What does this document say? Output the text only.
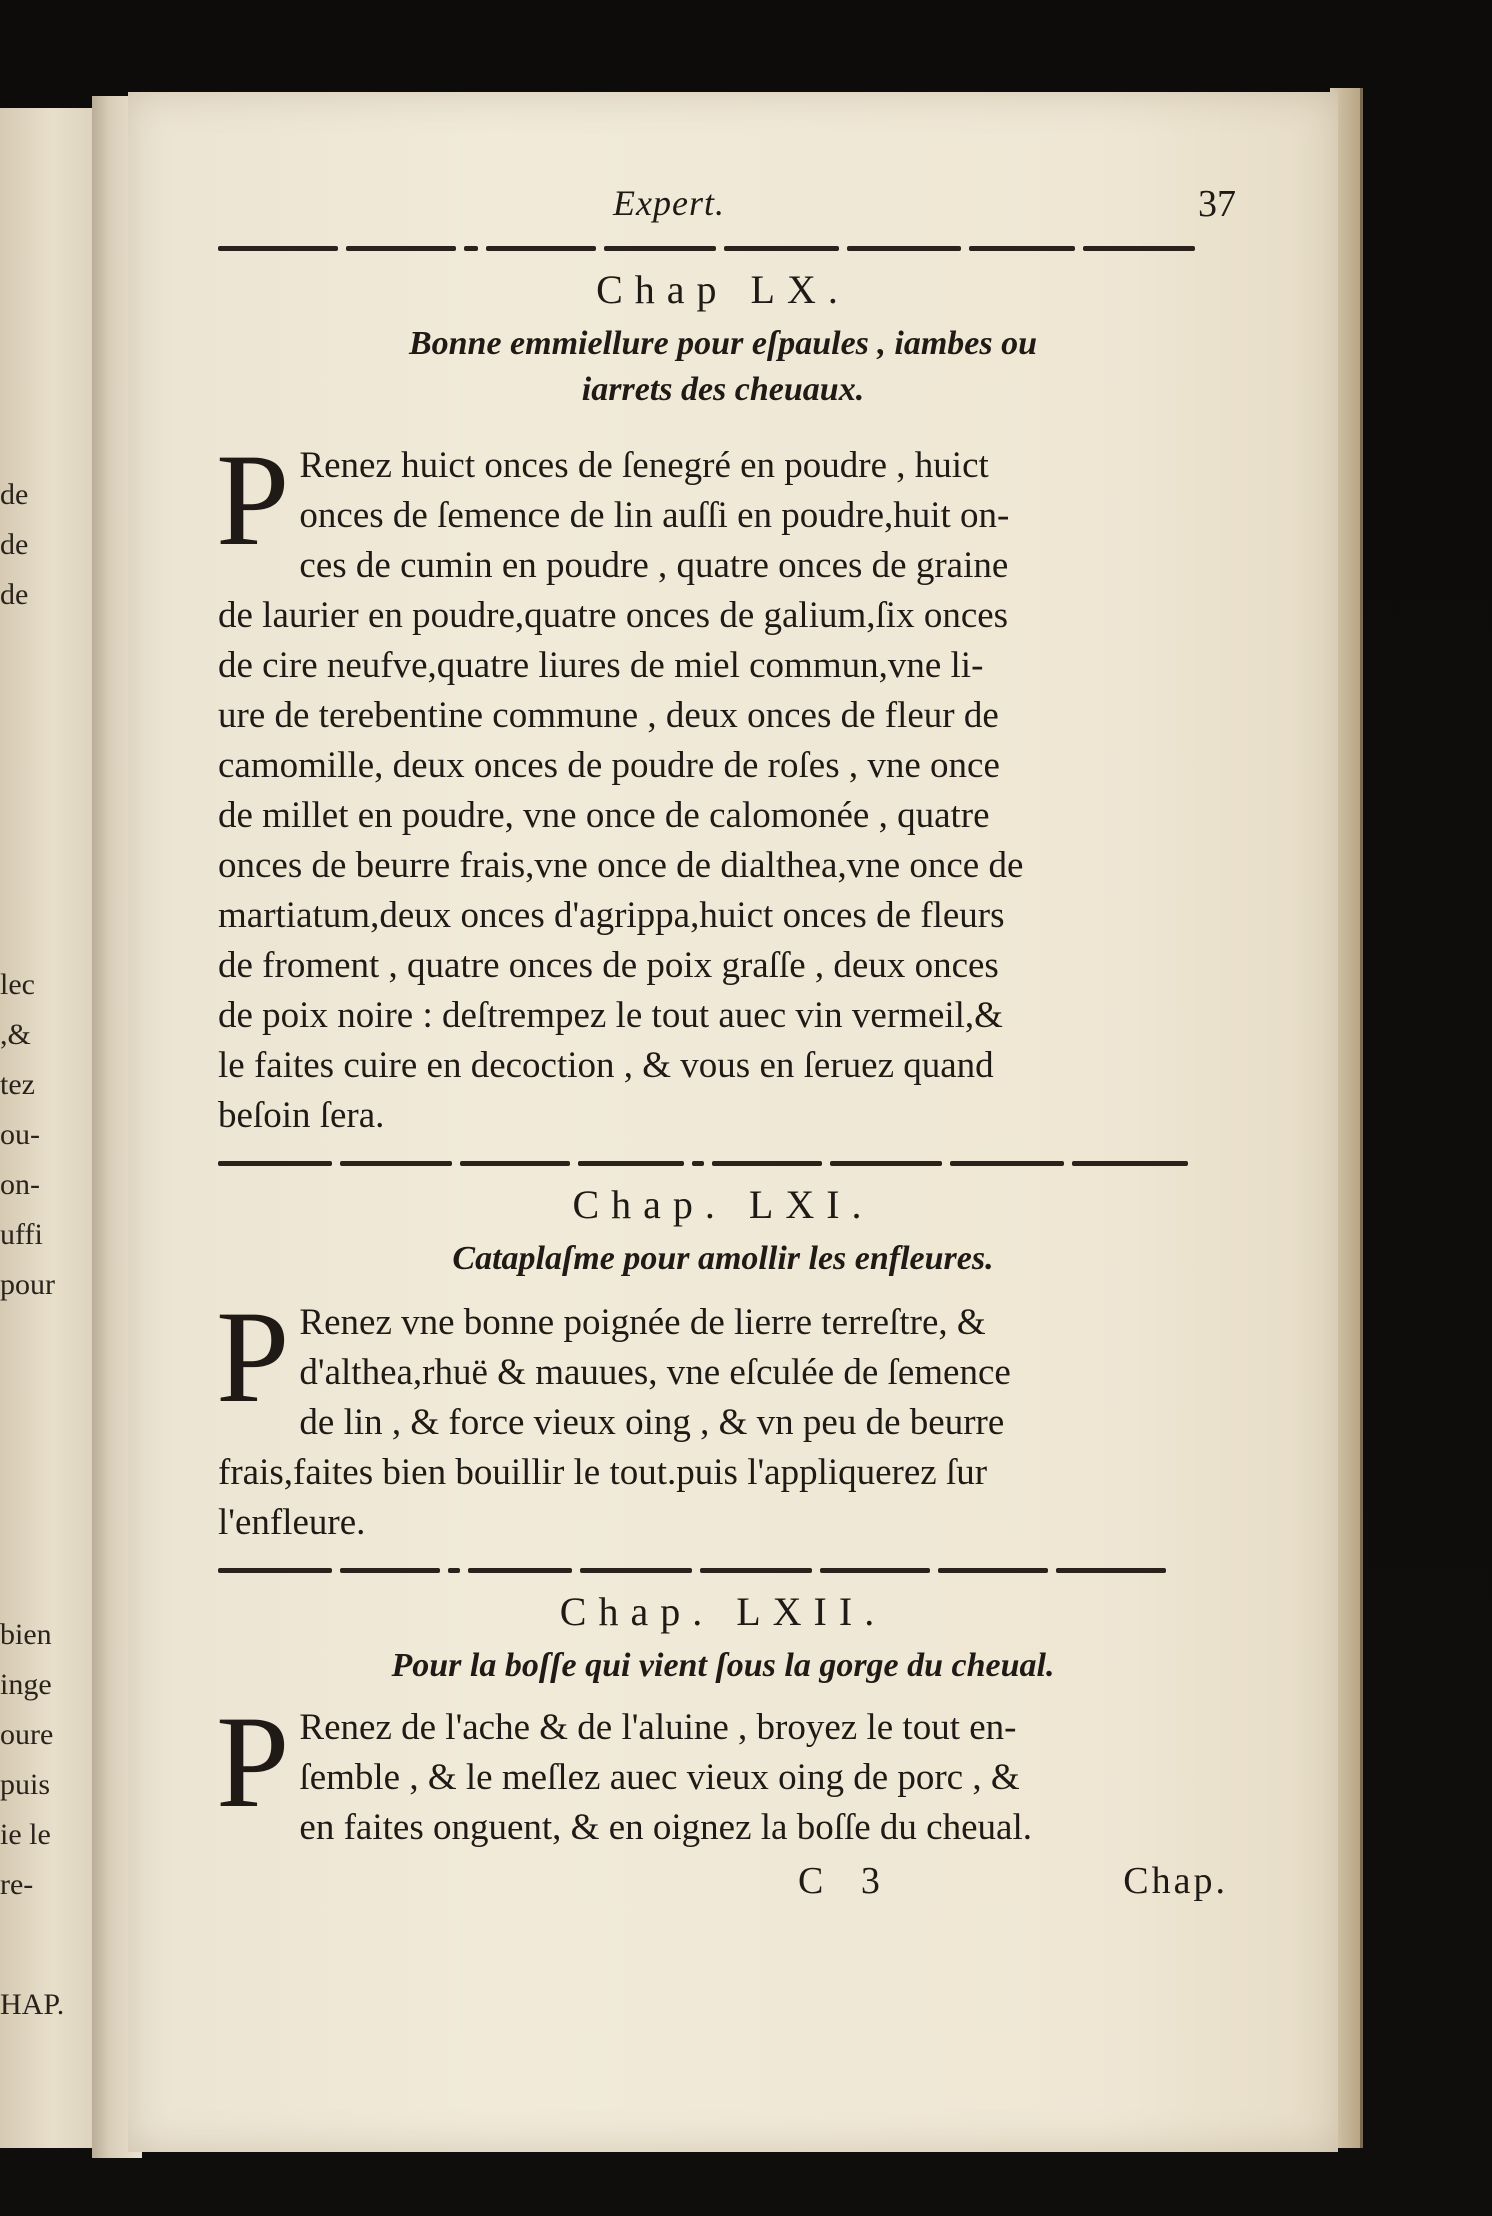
de
de
de
lec
,&
tez
ou-
on-
uffi
pour
bien
inge
oure
puis
ie le
re-
HAP.
Expert.	37
Chap LX.
Bonne emmiellure pour eſpaules , iambes ou
iarrets des cheuaux.
P Renez huict onces de ſenegré en poudre , huict
onces de ſemence de lin auſſi en poudre,huit on-
ces de cumin en poudre , quatre onces de graine
de laurier en poudre,quatre onces de galium,ſix onces
de cire neufve,quatre liures de miel commun,vne li-
ure de terebentine commune , deux onces de fleur de
camomille, deux onces de poudre de roſes , vne once
de millet en poudre, vne once de calomonée , quatre
onces de beurre frais,vne once de dialthea,vne once de
martiatum,deux onces d'agrippa,huict onces de fleurs
de froment , quatre onces de poix graſſe , deux onces
de poix noire : deſtrempez le tout auec vin vermeil,&
le faites cuire en decoction , & vous en ſeruez quand
beſoin ſera.
Chap. LXI.
Cataplaſme pour amollir les enfleures.
P Renez vne bonne poignée de lierre terreſtre, &
d'althea,rhuë & mauues, vne eſculée de ſemence
de lin , & force vieux oing , & vn peu de beurre
frais,faites bien bouillir le tout.puis l'appliquerez ſur
l'enfleure.
Chap. LXII.
Pour la boſſe qui vient ſous la gorge du cheual.
P Renez de l'ache & de l'aluine , broyez le tout en-
ſemble , & le meſlez auec vieux oing de porc , &
en faites onguent, & en oignez la boſſe du cheual.
C 3	Chap.
